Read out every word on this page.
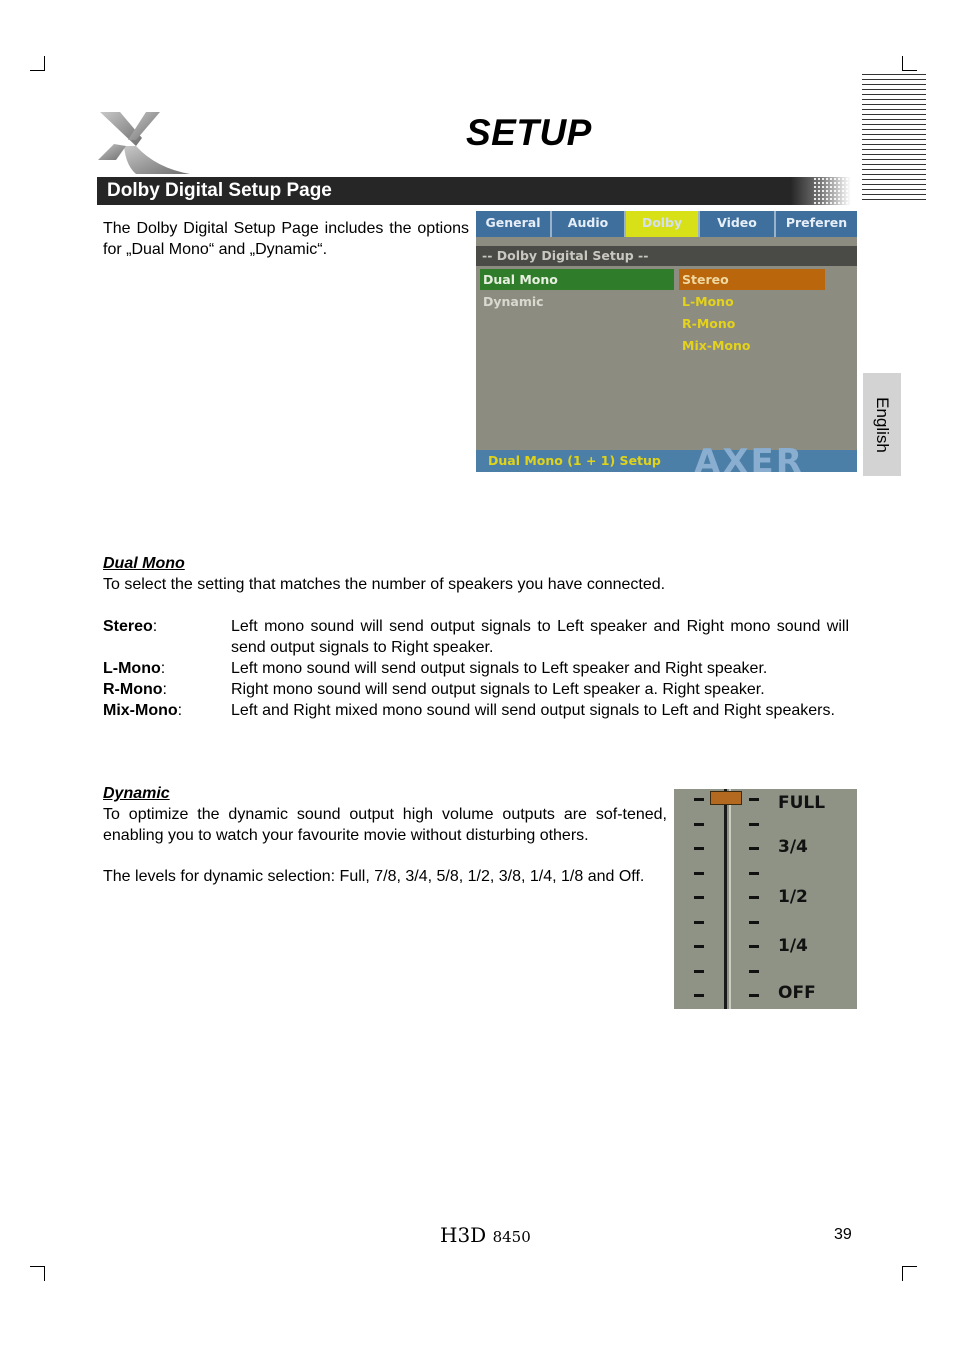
SETUP
Dolby Digital Setup Page
English

The Dolby Digital Setup Page includes the options for „Dual Mono“ and „Dynamic“.

General	Audio	Dolby	Video	Preferen
-- Dolby Digital Setup --
Dual Mono
Dynamic
Stereo
L-Mono
R-Mono
Mix-Mono
AXER
Dual Mono (1 + 1) Setup
Dual Mono

To select the setting that matches the number of speakers you have connected.

Stereo:	Left mono sound will send output signals to Left speaker and Right mono sound will send output signals to Right speaker.
L-Mono:	Left mono sound will send output signals to Left speaker and Right speaker.
R-Mono:	Right mono sound will send output signals to Left speaker a. Right speaker.
Mix-Mono:	Left and Right mixed mono sound will send output signals to Left and Right speakers.
Dynamic

To optimize the dynamic sound output high volume outputs are sof-tened, enabling you to watch your favourite movie without disturbing others.

The levels for dynamic selection: Full, 7/8, 3/4, 5/8, 1/2, 3/8, 1/4, 1/8 and Off.

FULL
3/4
1/2
1/4
OFF
H3D 8450	39
